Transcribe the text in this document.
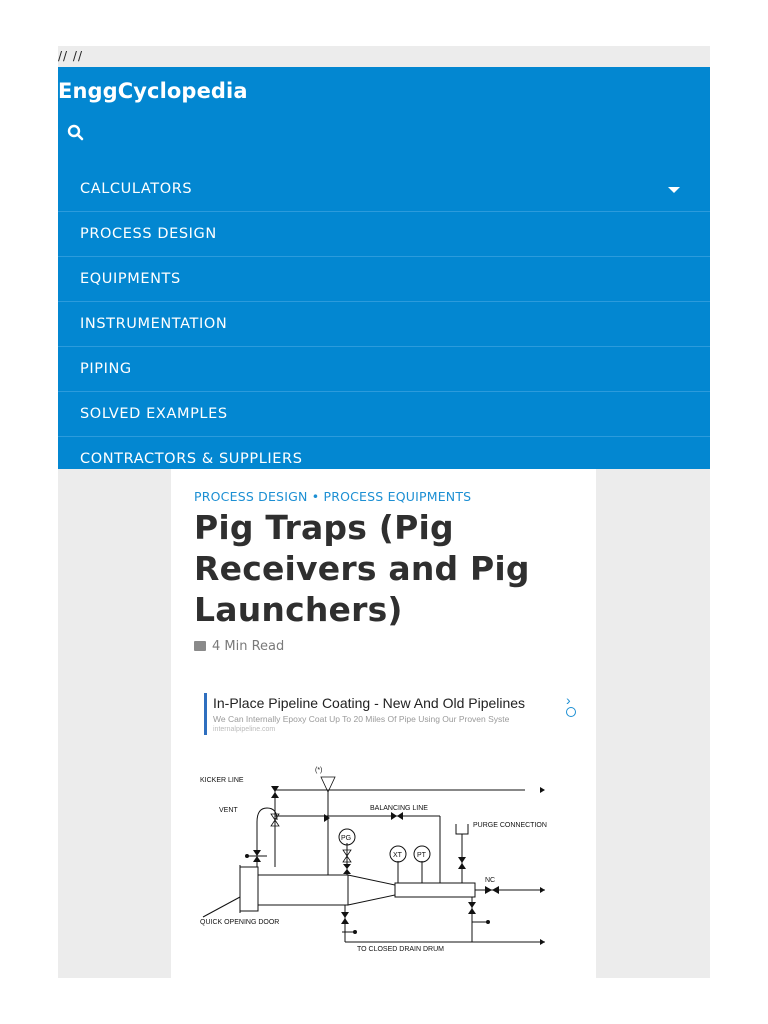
// //
EnggCyclopedia
CALCULATORS
PROCESS DESIGN
EQUIPMENTS
INSTRUMENTATION
PIPING
SOLVED EXAMPLES
CONTRACTORS & SUPPLIERS
PROCESS DESIGN • PROCESS EQUIPMENTS
Pig Traps (Pig Receivers and Pig Launchers)
4 Min Read
In-Place Pipeline Coating - New And Old Pipelines
We Can Internally Epoxy Coat Up To 20 Miles Of Pipe Using Our Proven Syste
internalpipeline.com
›
KICKER LINE
VENT
(*)
BALANCING LINE
PURGE CONNECTION
PG
XT PT
NC
QUICK OPENING DOOR
TO CLOSED DRAIN DRUM
